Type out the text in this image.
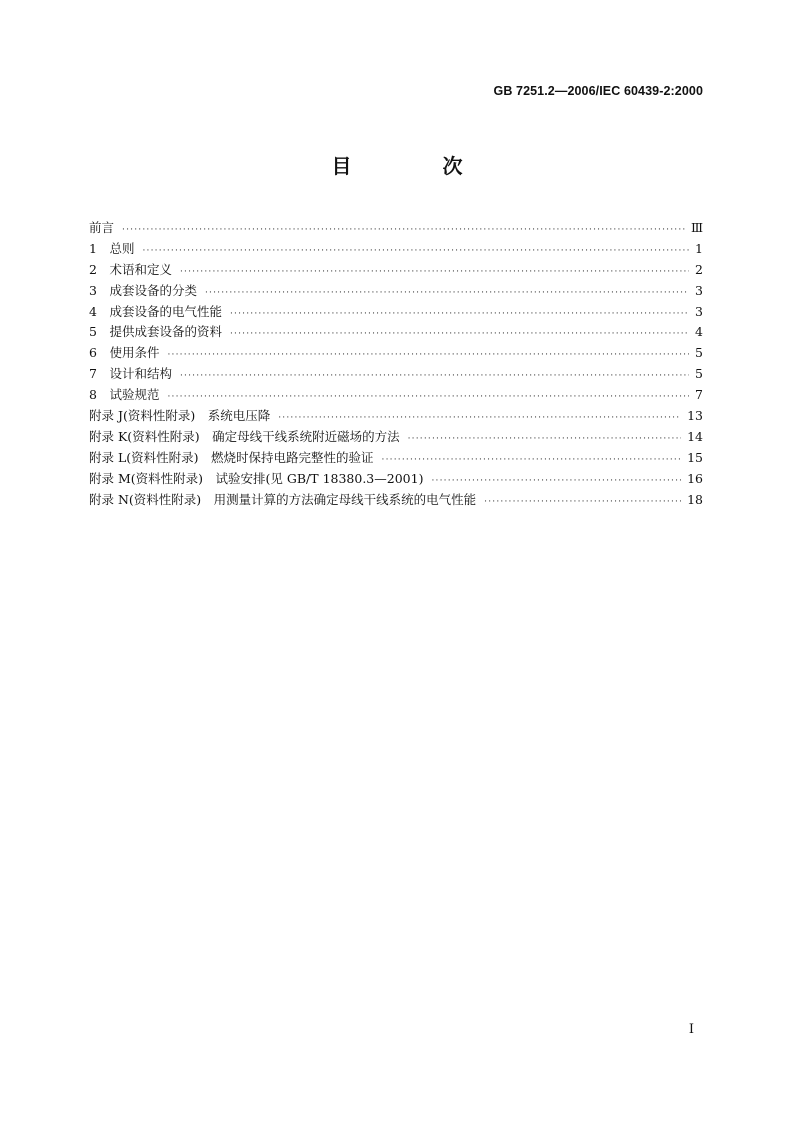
GB 7251.2—2006/IEC 60439-2:2000
目 次
前言 ·····	Ⅲ
1　总则 ·····	1
2　术语和定义 ·····	2
3　成套设备的分类 ·····	3
4　成套设备的电气性能 ·····	3
5　提供成套设备的资料 ·····	4
6　使用条件 ·····	5
7　设计和结构 ·····	5
8　试验规范 ·····	7
附录 J(资料性附录)　系统电压降 ·····	13
附录 K(资料性附录)　确定母线干线系统附近磁场的方法 ·····	14
附录 L(资料性附录)　燃烧时保持电路完整性的验证 ·····	15
附录 M(资料性附录)　试验安排(见 GB/T 18380.3—2001) ·····	16
附录 N(资料性附录)　用测量计算的方法确定母线干线系统的电气性能 ·····	18
I
